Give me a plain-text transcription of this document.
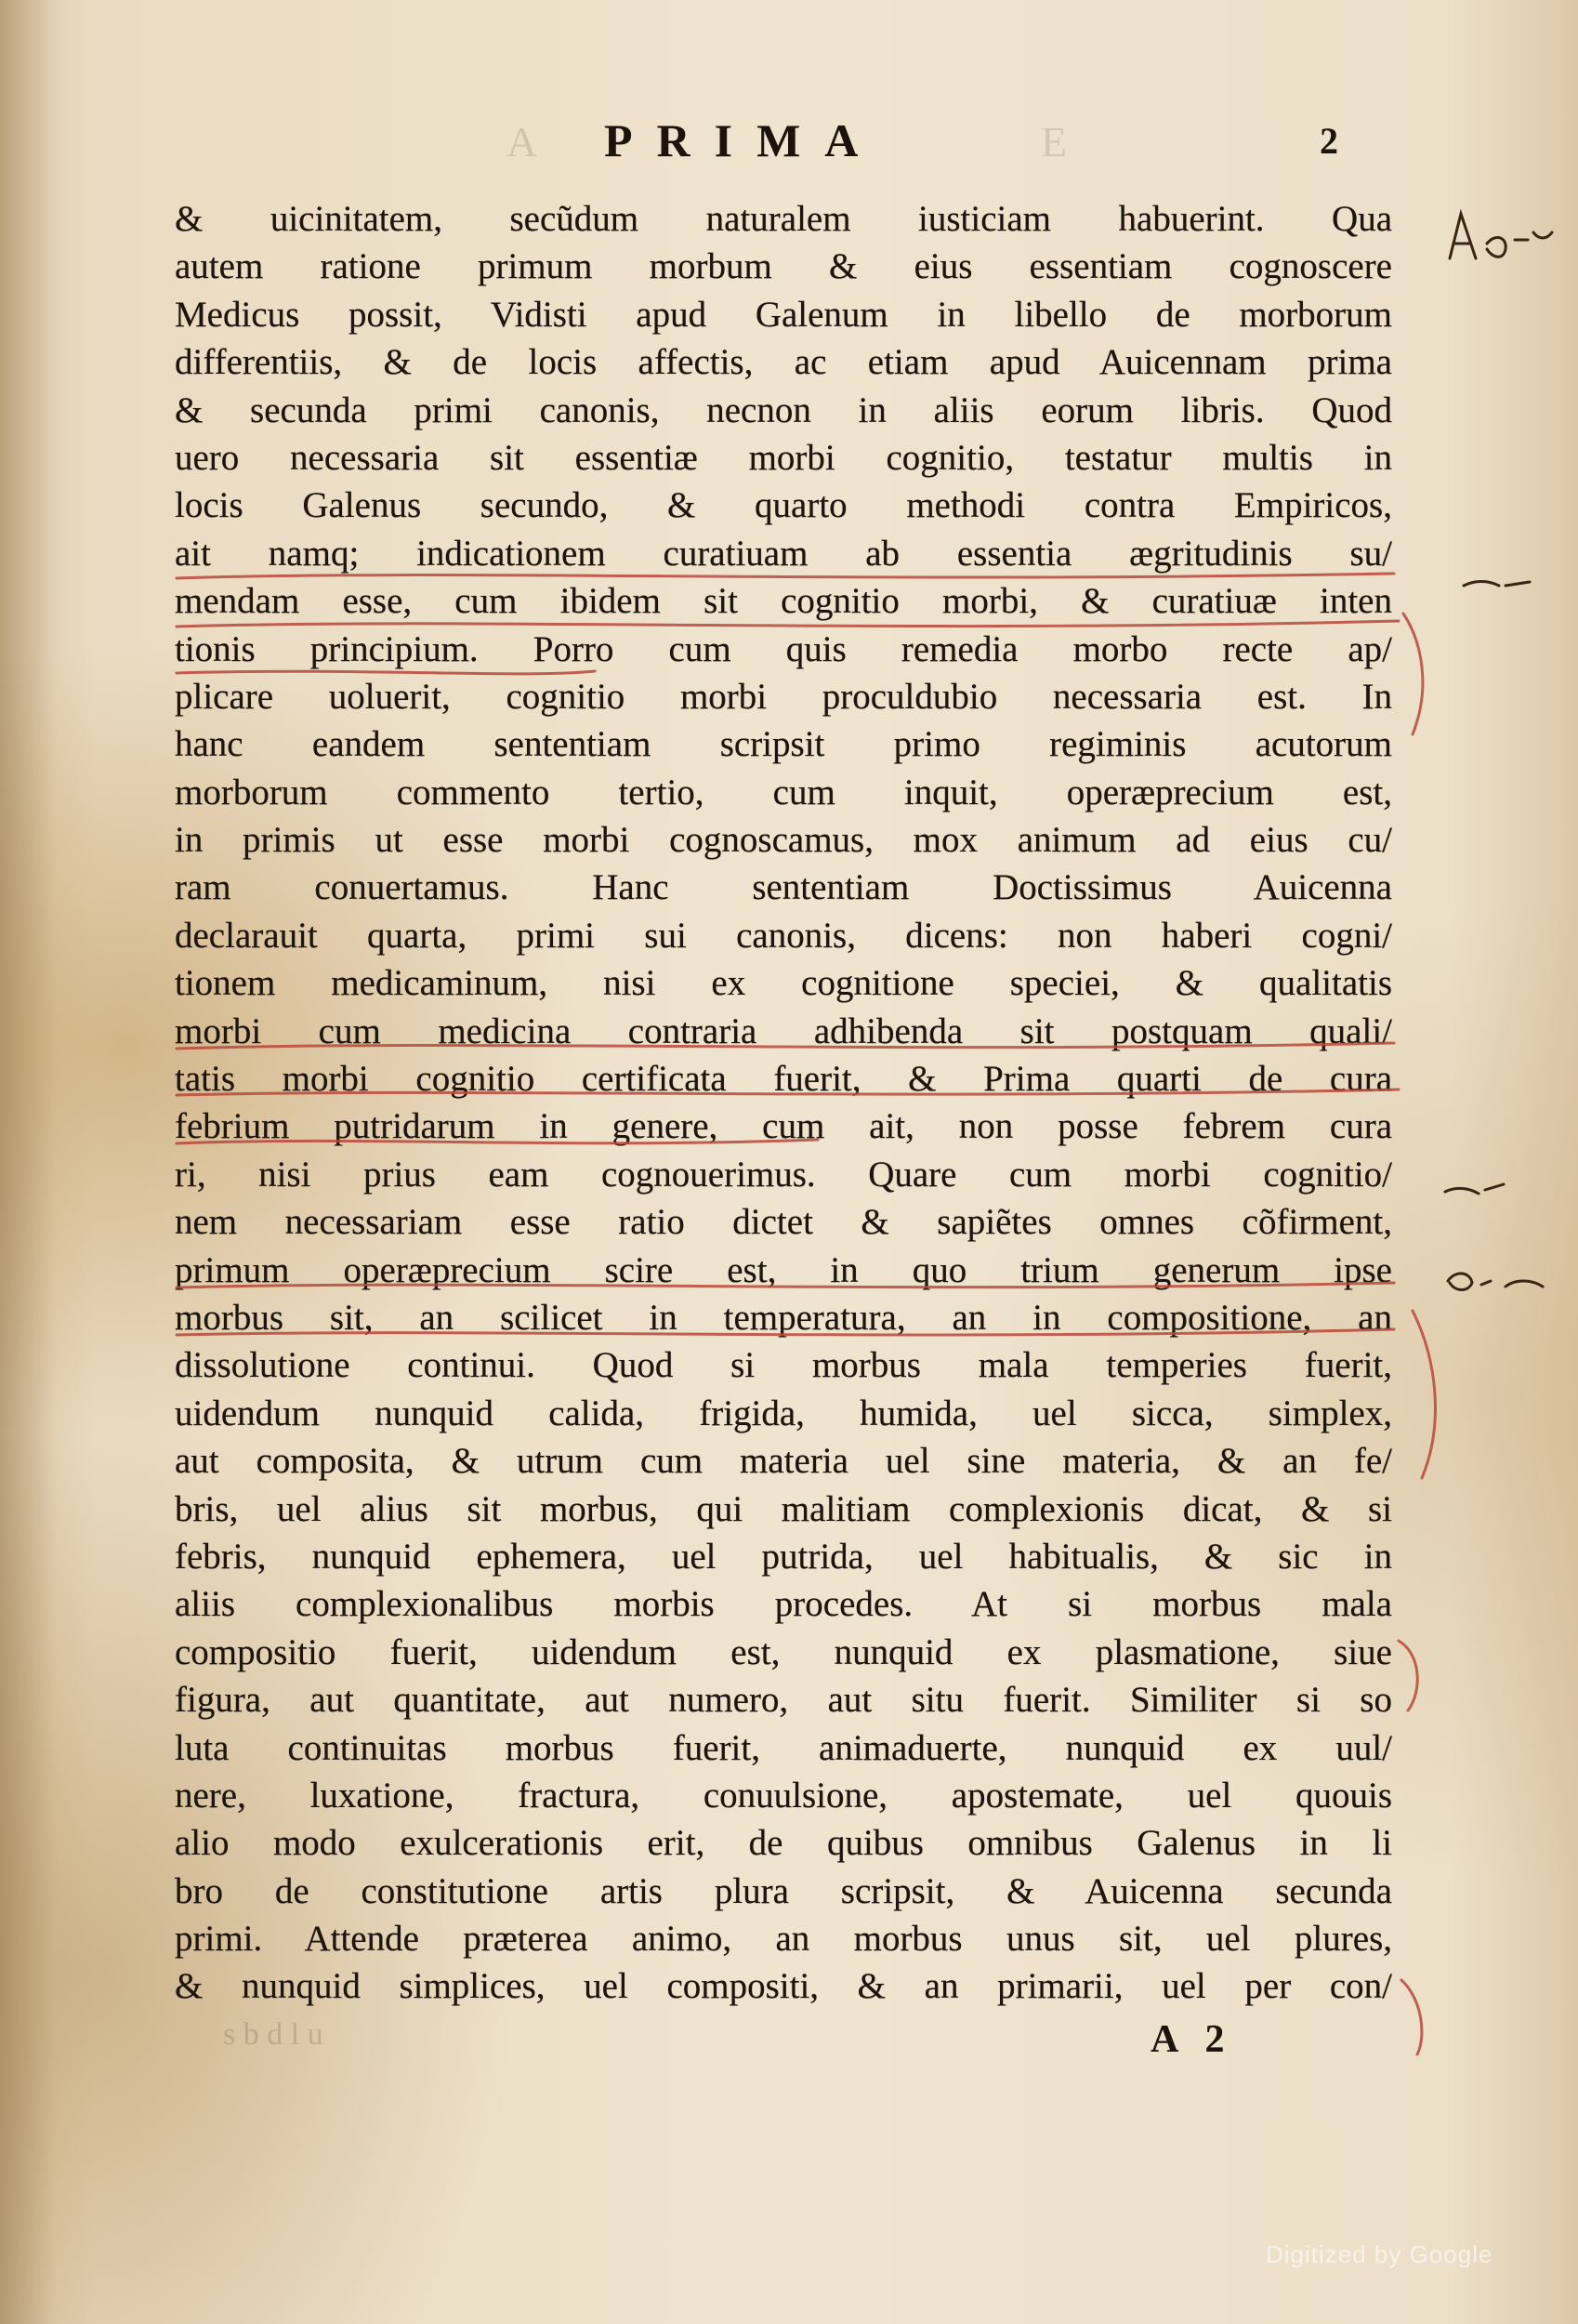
A PRIMA	E	2
& uicinitatem, secũdum naturalem iusticiam habuerint. Qua
autem ratione primum morbum & eius essentiam cognoscere
Medicus possit, Vidisti apud Galenum in libello de morborum
differentiis, & de locis affectis, ac etiam apud Auicennam prima
& secunda primi canonis, necnon in aliis eorum libris. Quod
uero necessaria sit essentiæ morbi cognitio, testatur multis in
locis Galenus secundo, & quarto methodi contra Empiricos,
ait namq; indicationem curatiuam ab essentia ægritudinis su/
mendam esse, cum ibidem sit cognitio morbi, & curatiuæ inten
tionis principium. Porro cum quis remedia morbo recte ap/
plicare uoluerit, cognitio morbi proculdubio necessaria est. In
hanc eandem sententiam scripsit primo regiminis acutorum
morborum commento tertio, cum inquit, operæprecium est,
in primis ut esse morbi cognoscamus, mox animum ad eius cu/
ram conuertamus. Hanc sententiam Doctissimus Auicenna
declarauit quarta, primi sui canonis, dicens: non haberi cogni/
tionem medicaminum, nisi ex cognitione speciei, & qualitatis
morbi cum medicina contraria adhibenda sit postquam quali/
tatis morbi cognitio certificata fuerit, & Prima quarti de cura
febrium putridarum in genere, cum ait, non posse febrem cura
ri, nisi prius eam cognouerimus. Quare cum morbi cognitio/
nem necessariam esse ratio dictet & sapiẽtes omnes cõfirment,
primum operæprecium scire est, in quo trium generum ipse
morbus sit, an scilicet in temperatura, an in compositione, an
dissolutione continui. Quod si morbus mala temperies fuerit,
uidendum nunquid calida, frigida, humida, uel sicca, simplex,
aut composita, & utrum cum materia uel sine materia, & an fe/
bris, uel alius sit morbus, qui malitiam complexionis dicat, & si
febris, nunquid ephemera, uel putrida, uel habitualis, & sic in
aliis complexionalibus morbis procedes. At si morbus mala
compositio fuerit, uidendum est, nunquid ex plasmatione, siue
figura, aut quantitate, aut numero, aut situ fuerit. Similiter si so
luta continuitas morbus fuerit, animaduerte, nunquid ex uul/
nere, luxatione, fractura, conuulsione, apostemate, uel quouis
alio modo exulcerationis erit, de quibus omnibus Galenus in li
bro de constitutione artis plura scripsit, & Auicenna secunda
primi. Attende præterea animo, an morbus unus sit, uel plures,
& nunquid simplices, uel compositi, & an primarii, uel per con/
s b d l u	A 2
Digitized by Google
